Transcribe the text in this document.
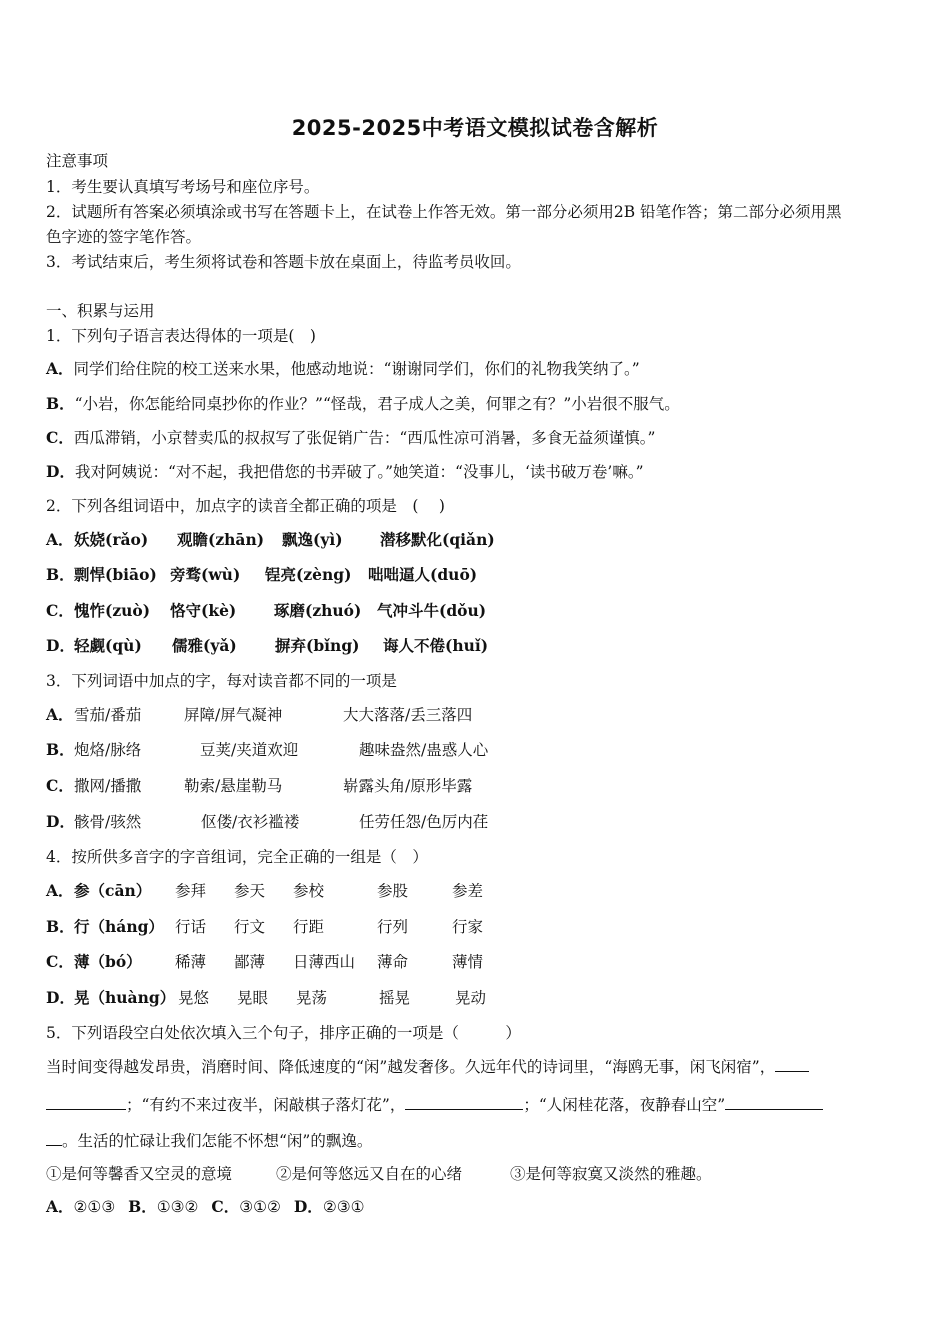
2025-2025中考语文模拟试卷含解析
注意事项
1．考生要认真填写考场号和座位序号。
2．试题所有答案必须填涂或书写在答题卡上，在试卷上作答无效。第一部分必须用2B 铅笔作答；第二部分必须用黑
色字迹的签字笔作答。
3．考试结束后，考生须将试卷和答题卡放在桌面上，待监考员收回。
一、积累与运用
1．下列句子语言表达得体的一项是(　)
A．同学们给住院的校工送来水果，他感动地说：“谢谢同学们，你们的礼物我笑纳了。”
B．“小岩，你怎能给同桌抄你的作业？”“怪哉，君子成人之美，何罪之有？”小岩很不服气。
C．西瓜滞销，小京替卖瓜的叔叔写了张促销广告：“西瓜性凉可消暑，多食无益须谨慎。”
D．我对阿姨说：“对不起，我把借您的书弄破了。”她笑道：“没事儿，‘读书破万卷’嘛。”
2．下列各组词语中，加点字的读音全都正确的项是　(　 )
A． 妖娆(rǎo) 观瞻(zhān) 飘逸(yì) 潜移默化(qiǎn)
B． 剽悍(biāo) 旁骛(wù) 锃亮(zèng) 咄咄逼人(duō)
C． 愧怍(zuò) 恪守(kè) 琢磨(zhuó) 气冲斗牛(dǒu)
D． 轻觑(qù) 儒雅(yǎ) 摒弃(bǐng) 诲人不倦(huǐ)
3．下列词语中加点的字，每对读音都不同的一项是
A． 雪茄/番茄	屏障/屏气凝神	大大落落/丢三落四
B． 炮烙/脉络	豆荚/夹道欢迎	趣味盎然/蛊惑人心
C． 撒网/播撒	勒索/悬崖勒马	崭露头角/原形毕露
D． 骸骨/骇然	伛偻/衣衫褴褛	任劳任怨/色厉内荏
4．按所供多音字的字音组词，完全正确的一组是（　）
A． 参（cān） 参拜 参天 参校	参股	参差
B． 行（háng） 行话 行文 行距	行列	行家
C． 薄（bó） 稀薄 鄙薄 日薄西山 薄命	薄情
D． 晃（huàng） 晃悠 晃眼 晃荡	摇晃	晃动
5．下列语段空白处依次填入三个句子，排序正确的一项是（　　　）
当时间变得越发昂贵，消磨时间、降低速度的“闲”越发奢侈。久远年代的诗词里，“海鸥无事，闲飞闲宿”，
；“有约不来过夜半，闲敲棋子落灯花”，	；“人闲桂花落，夜静春山空”
。生活的忙碌让我们怎能不怀想“闲”的飘逸。
①是何等馨香又空灵的意境	②是何等悠远又自在的心绪	③是何等寂寞又淡然的雅趣。
A．②①③ B．①③② C．③①② D．②③①
